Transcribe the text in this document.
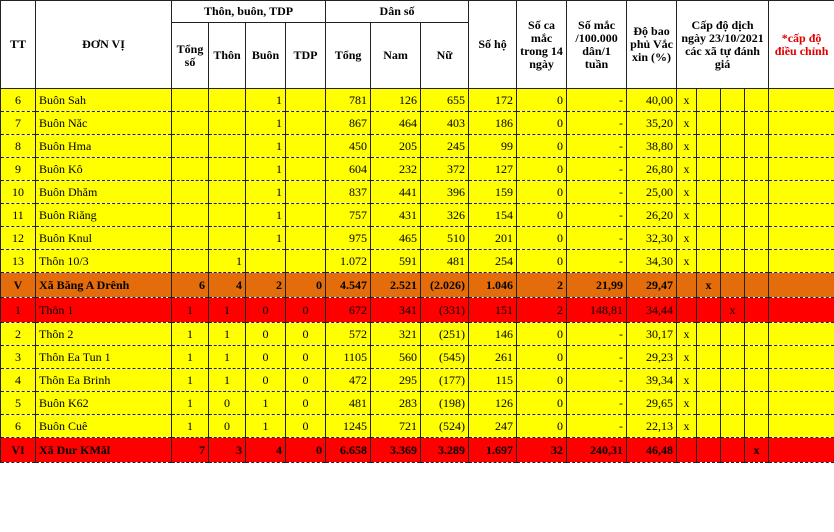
TT	ĐƠN VỊ	Thôn, buôn, TDP				Dân số			Số hộ	Số ca mắc trong 14 ngày	Số mắc /100.000 dân/1 tuần	Độ bao phủ Vắc xin (%)	Cấp độ dịch ngày 23/10/2021 các xã tự đánh giá				*cấp độ điều chỉnh
		Tổng số	Thôn	Buôn	TDP	Tổng	Nam	Nữ									
6	Buôn Sah			1		781	126	655	172	0	-	40,00	x				
7	Buôn Năc			1		867	464	403	186	0	-	35,20	x				
8	Buôn Hma			1		450	205	245	99	0	-	38,80	x				
9	Buôn Kô			1		604	232	372	127	0	-	26,80	x				
10	Buôn Dhăm			1		837	441	396	159	0	-	25,00	x				
11	Buôn Riăng			1		757	431	326	154	0	-	26,20	x				
12	Buôn Knul			1		975	465	510	201	0	-	32,30	x				
13	Thôn 10/3		1			1.072	591	481	254	0	-	34,30	x				
V	Xã Băng A Drênh	6	4	2	0	4.547	2.521	(2.026)	1.046	2	21,99	29,47		x			
1	Thôn 1	1	1	0	0	672	341	(331)	151	2	148,81	34,44			x		
2	Thôn 2	1	1	0	0	572	321	(251)	146	0	-	30,17	x				
3	Thôn Ea Tun 1	1	1	0	0	1105	560	(545)	261	0	-	29,23	x				
4	Thôn Ea Brinh	1	1	0	0	472	295	(177)	115	0	-	39,34	x				
5	Buôn K62	1	0	1	0	481	283	(198)	126	0	-	29,65	x				
6	Buôn Cuê	1	0	1	0	1245	721	(524)	247	0	-	22,13	x				
VI	Xã Dur KMăl	7	3	4	0	6.658	3.369	3.289	1.697	32	240,31	46,48				x	
